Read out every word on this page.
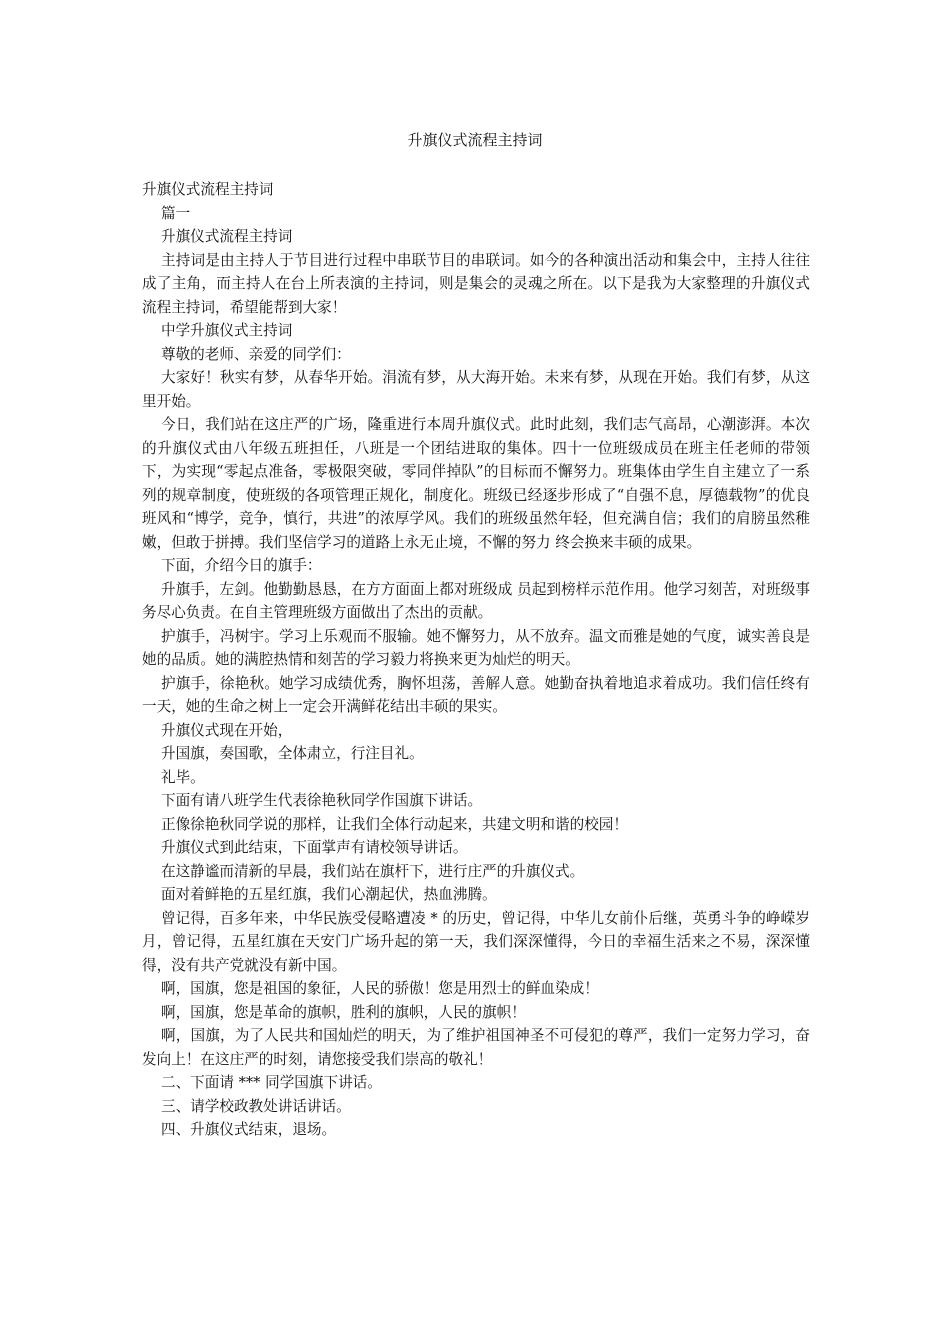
升旗仪式流程主持词

升旗仪式流程主持词

篇一

升旗仪式流程主持词

主持词是由主持人于节目进行过程中串联节目的串联词。如今的各种演出活动和集会中，主持人往往成了主角，而主持人在台上所表演的主持词，则是集会的灵魂之所在。以下是我为大家整理的升旗仪式流程主持词，希望能帮到大家！

中学升旗仪式主持词

尊敬的老师、亲爱的同学们：

大家好！秋实有梦，从春华开始。涓流有梦，从大海开始。未来有梦，从现在开始。我们有梦，从这里开始。

今日，我们站在这庄严的广场，隆重进行本周升旗仪式。此时此刻，我们志气高昂，心潮澎湃。本次的升旗仪式由八年级五班担任，八班是一个团结进取的集体。四十一位班级成员在班主任老师的带领下，为实现“零起点准备，零极限突破，零同伴掉队”的目标而不懈努力。班集体由学生自主建立了一系列的规章制度，使班级的各项管理正规化，制度化。班级已经逐步形成了“自强不息，厚德载物”的优良班风和“博学，竞争，慎行，共进”的浓厚学风。我们的班级虽然年轻，但充满自信；我们的肩膀虽然稚嫩，但敢于拼搏。我们坚信学习的道路上永无止境，不懈的努力 终会换来丰硕的成果。

下面，介绍今日的旗手：

升旗手，左剑。他勤勤恳恳，在方方面面上都对班级成 员起到榜样示范作用。他学习刻苦，对班级事务尽心负责。在自主管理班级方面做出了杰出的贡献。

护旗手，冯树宇。学习上乐观而不服输。她不懈努力，从不放弃。温文而雅是她的气度，诚实善良是她的品质。她的满腔热情和刻苦的学习毅力将换来更为灿烂的明天。

护旗手，徐艳秋。她学习成绩优秀，胸怀坦荡，善解人意。她勤奋执着地追求着成功。我们信任终有一天，她的生命之树上一定会开满鲜花结出丰硕的果实。

升旗仪式现在开始，

升国旗，奏国歌，全体肃立，行注目礼。

礼毕。

下面有请八班学生代表徐艳秋同学作国旗下讲话。

正像徐艳秋同学说的那样，让我们全体行动起来，共建文明和谐的校园！

升旗仪式到此结束，下面掌声有请校领导讲话。

在这静谧而清新的早晨，我们站在旗杆下，进行庄严的升旗仪式。

面对着鲜艳的五星红旗，我们心潮起伏，热血沸腾。

曾记得，百多年来，中华民族受侵略遭凌 * 的历史，曾记得，中华儿女前仆后继，英勇斗争的峥嵘岁月，曾记得，五星红旗在天安门广场升起的第一天，我们深深懂得，今日的幸福生活来之不易，深深懂得，没有共产党就没有新中国。

啊，国旗，您是祖国的象征，人民的骄傲！您是用烈士的鲜血染成！

啊，国旗，您是革命的旗帜，胜利的旗帜，人民的旗帜！

啊，国旗，为了人民共和国灿烂的明天，为了维护祖国神圣不可侵犯的尊严，我们一定努力学习，奋发向上！在这庄严的时刻，请您接受我们崇高的敬礼！

二、下面请 *** 同学国旗下讲话。

三、请学校政教处讲话讲话。

四、升旗仪式结束，退场。
